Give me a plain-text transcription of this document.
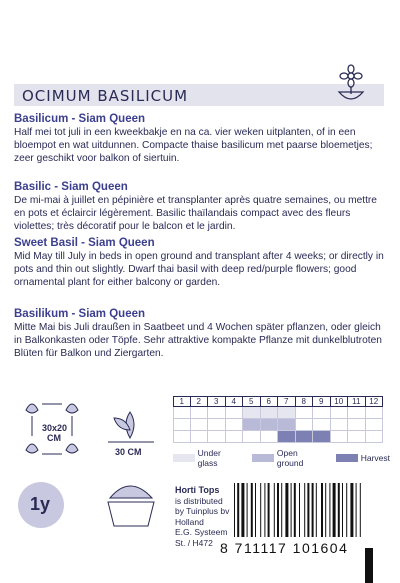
OCIMUM BASILICUM
Basilicum - Siam Queen

Half mei tot juli in een kweekbakje en na ca. vier weken uitplanten, of in een bloempot en wat uitdunnen. Compacte thaise basilicum met paarse bloemetjes; zeer geschikt voor balkon of siertuin.

Basilic - Siam Queen

De mi-mai à juillet en pépinière et transplanter après quatre semaines, ou mettre en pots et éclaircir légèrement. Basilic thaïlandais compact avec des fleurs violettes; très décoratif pour le balcon et le jardin.

Sweet Basil - Siam Queen

Mid May till July in beds in open ground and transplant after 4 weeks; or directly in pots and thin out slightly. Dwarf thai basil with deep red/purple flowers; good ornamental plant for either balcony or garden.

Basilikum - Siam Queen

Mitte Mai bis Juli draußen in Saatbeet und 4 Wochen später pflanzen, oder gleich in Balkonkasten oder Töpfe. Sehr attraktive kompakte Pflanze mit dunkelblutroten Blüten für Balkon und Ziergarten.

30x20 CM
30 CM
1y
1	2	3	4	5	6	7	8	9	10	11	12
Under glass
Open ground	Harvest
Horti Tops
is distributed
by Tuinplus bv
Holland
E.G. Systeem
St. / H472 8 711117 101604
